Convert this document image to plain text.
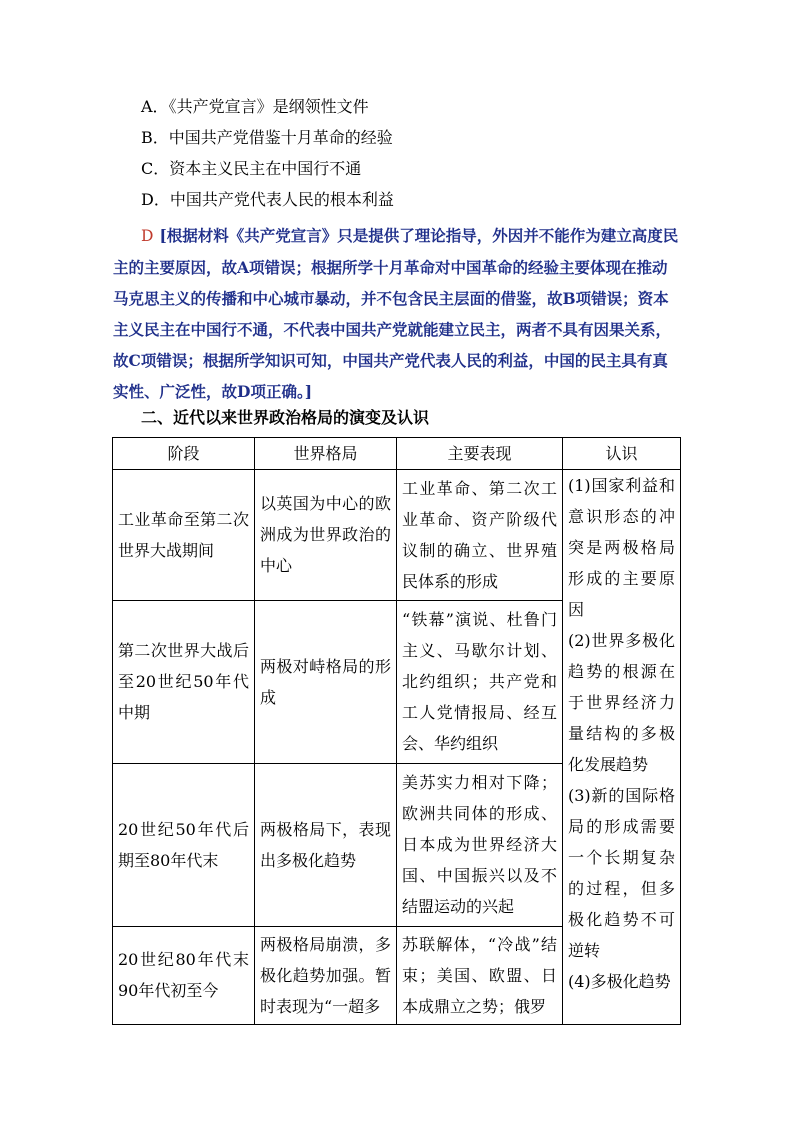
A．《共产党宣言》是纲领性文件
B．中国共产党借鉴十月革命的经验
C．资本主义民主在中国行不通
D．中国共产党代表人民的根本利益
D [根据材料《共产党宣言》只是提供了理论指导，外因并不能作为建立高度民主的主要原因，故A项错误；根据所学十月革命对中国革命的经验主要体现在推动马克思主义的传播和中心城市暴动，并不包含民主层面的借鉴，故B项错误；资本主义民主在中国行不通，不代表中国共产党就能建立民主，两者不具有因果关系，故C项错误；根据所学知识可知，中国共产党代表人民的利益，中国的民主具有真实性、广泛性，故D项正确。]
二、近代以来世界政治格局的演变及认识
阶段	世界格局	主要表现	认识
工业革命至第二次世界大战期间	以英国为中心的欧洲成为世界政治的中心	工业革命、第二次工业革命、资产阶级代议制的确立、世界殖民体系的形成	(1)国家利益和意识形态的冲突是两极格局形成的主要原因
(2)世界多极化趋势的根源在于世界经济力量结构的多极化发展趋势
(3)新的国际格局的形成需要一个长期复杂的过程，但多极化趋势不可逆转
(4)多极化趋势

第二次世界大战后至20世纪50年代中期	两极对峙格局的形成	“铁幕”演说、杜鲁门主义、马歇尔计划、北约组织；共产党和工人党情报局、经互会、华约组织	
20世纪50年代后期至80年代末	两极格局下，表现出多极化趋势	美苏实力相对下降；欧洲共同体的形成、日本成为世界经济大国、中国振兴以及不结盟运动的兴起	
20世纪80年代末90年代初至今	两极格局崩溃，多极化趋势加强。暂时表现为“一超多	苏联解体，“冷战”结束；美国、欧盟、日本成鼎立之势；俄罗	
